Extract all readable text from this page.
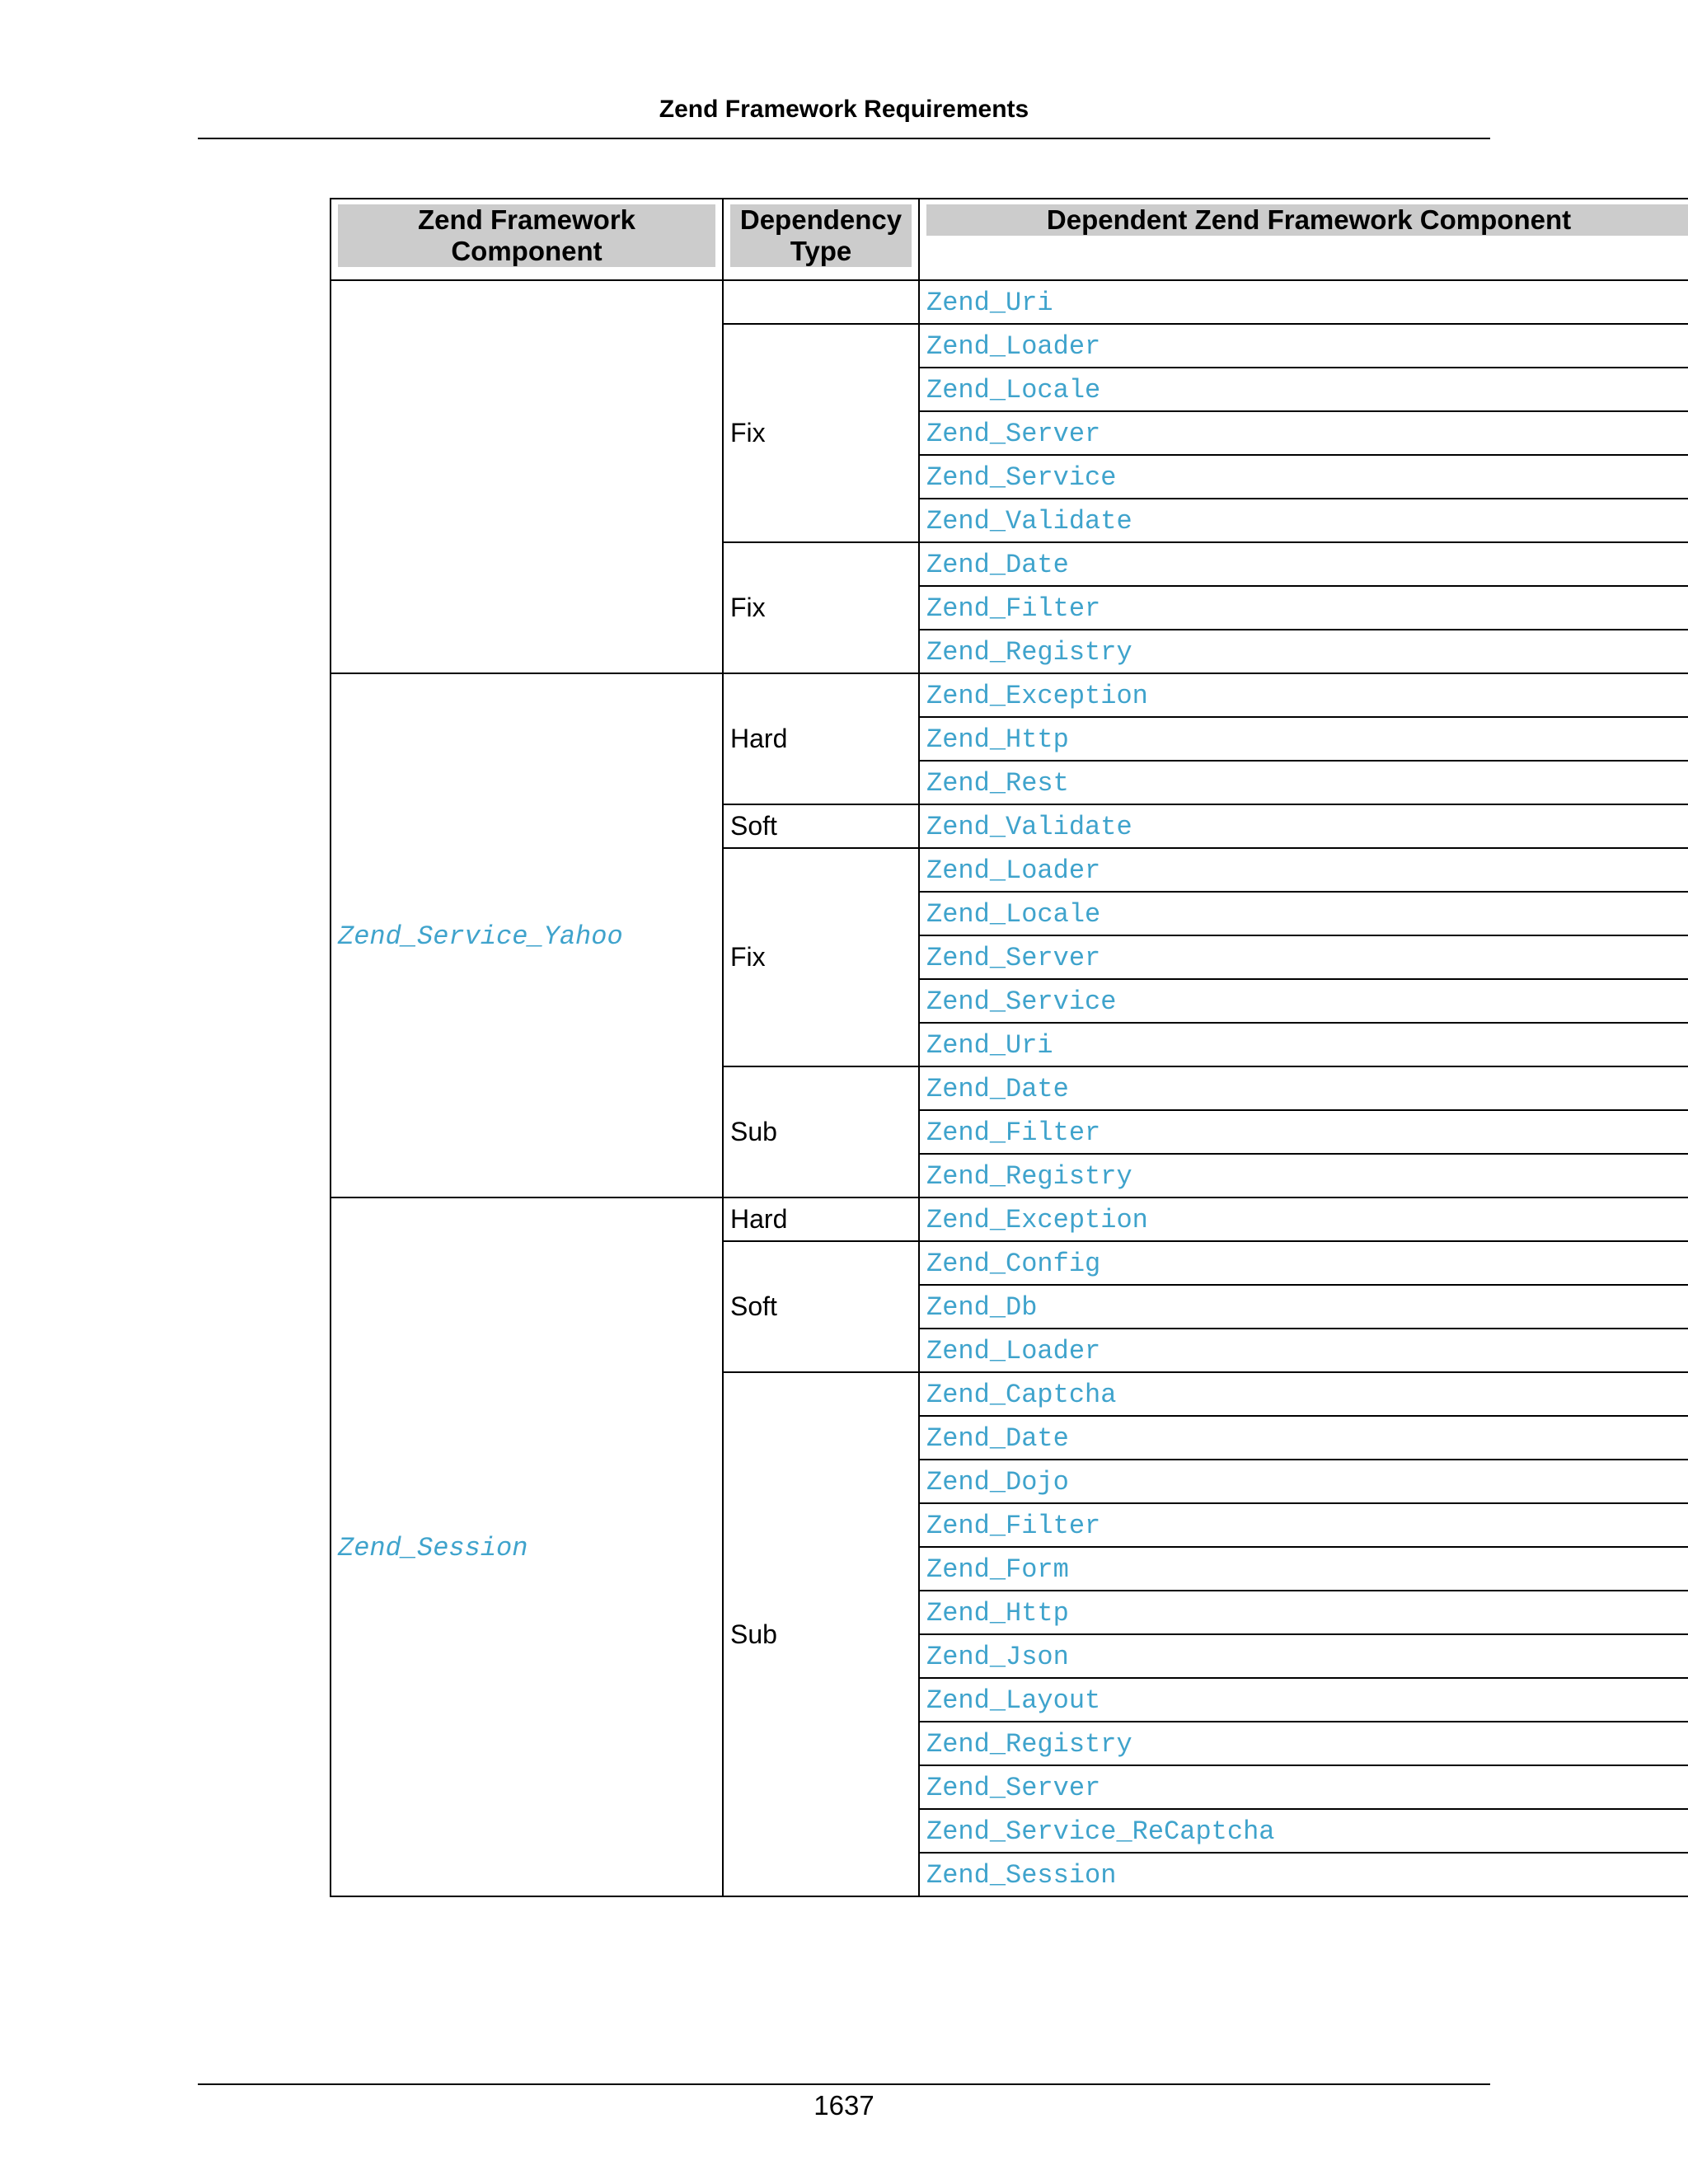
Zend Framework Requirements
Zend Framework Component	Dependency Type	Dependent Zend Framework Component

		Zend_Uri
	Fix	Zend_Loader
		Zend_Locale
		Zend_Server
		Zend_Service
		Zend_Validate
	Fix	Zend_Date
		Zend_Filter
		Zend_Registry
Zend_Service_Yahoo	Hard	Zend_Exception
		Zend_Http
		Zend_Rest
	Soft	Zend_Validate
	Fix	Zend_Loader
		Zend_Locale
		Zend_Server
		Zend_Service
		Zend_Uri
	Sub	Zend_Date
		Zend_Filter
		Zend_Registry
Zend_Session	Hard	Zend_Exception
	Soft	Zend_Config
		Zend_Db
		Zend_Loader
	Sub	Zend_Captcha
		Zend_Date
		Zend_Dojo
		Zend_Filter
		Zend_Form
		Zend_Http
		Zend_Json
		Zend_Layout
		Zend_Registry
		Zend_Server
		Zend_Service_ReCaptcha
		Zend_Session
1637
